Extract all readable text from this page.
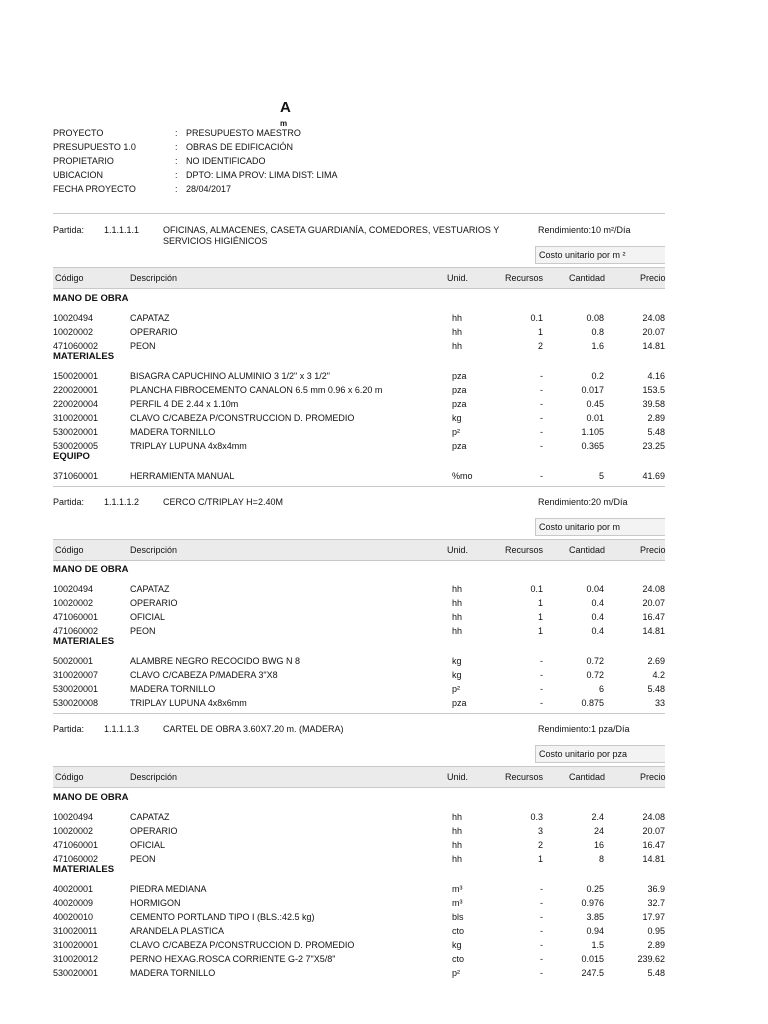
A
m
PROYECTO	: PRESUPUESTO MAESTRO
PRESUPUESTO 1.0	: OBRAS DE EDIFICACIÓN
PROPIETARIO	: NO IDENTIFICADO
UBICACION	: DPTO: LIMA PROV: LIMA DIST: LIMA
FECHA PROYECTO	: 28/04/2017
Partida: 1.1.1.1.1	OFICINAS, ALMACENES, CASETA GUARDIANÍA, COMEDORES, VESTUARIOS Y SERVICIOS HIGIÉNICOS
Rendimiento:10 m²/Día
Costo unitario por m ²
Código	Descripción	Unid.	Recursos	Cantidad	Precio
MANO DE OBRA
10020494	CAPATAZ	hh	0.1	0.08	24.08
10020002	OPERARIO	hh	1	0.8	20.07
471060002	PEON	hh	2	1.6	14.81
MATERIALES
150020001	BISAGRA CAPUCHINO ALUMINIO 3 1/2" x 3 1/2"	pza	-	0.2	4.16
220020001	PLANCHA FIBROCEMENTO CANALON 6.5 mm 0.96 x 6.20 m	pza	-	0.017	153.5
220020004	PERFIL 4 DE 2.44 x 1.10m	pza	-	0.45	39.58
310020001	CLAVO C/CABEZA P/CONSTRUCCION D. PROMEDIO	kg	-	0.01	2.89
530020001	MADERA TORNILLO	p²	-	1.105	5.48
530020005	TRIPLAY LUPUNA 4x8x4mm	pza	-	0.365	23.25
EQUIPO
371060001	HERRAMIENTA MANUAL	%mo	-	5	41.69
Partida: 1.1.1.1.2	CERCO C/TRIPLAY H=2.40M	Rendimiento:20 m/Día
Costo unitario por m
Código	Descripción	Unid.	Recursos	Cantidad	Precio
MANO DE OBRA
10020494	CAPATAZ	hh	0.1	0.04	24.08
10020002	OPERARIO	hh	1	0.4	20.07
471060001	OFICIAL	hh	1	0.4	16.47
471060002	PEON	hh	1	0.4	14.81
MATERIALES
50020001	ALAMBRE NEGRO RECOCIDO BWG N 8	kg	-	0.72	2.69
310020007	CLAVO C/CABEZA P/MADERA 3"X8	kg	-	0.72	4.2
530020001	MADERA TORNILLO	p²	-	6	5.48
530020008	TRIPLAY LUPUNA 4x8x6mm	pza	-	0.875	33
Partida: 1.1.1.1.3	CARTEL DE OBRA 3.60X7.20 m. (MADERA)	Rendimiento:1 pza/Día
Costo unitario por pza
Código	Descripción	Unid.	Recursos	Cantidad	Precio
MANO DE OBRA
10020494	CAPATAZ	hh	0.3	2.4	24.08
10020002	OPERARIO	hh	3	24	20.07
471060001	OFICIAL	hh	2	16	16.47
471060002	PEON	hh	1	8	14.81
MATERIALES
40020001	PIEDRA MEDIANA	m³	-	0.25	36.9
40020009	HORMIGON	m³	-	0.976	32.7
40020010	CEMENTO PORTLAND TIPO I (BLS.:42.5 kg)	bls	-	3.85	17.97
310020011	ARANDELA PLASTICA	cto	-	0.94	0.95
310020001	CLAVO C/CABEZA P/CONSTRUCCION D. PROMEDIO	kg	-	1.5	2.89
310020012	PERNO HEXAG.ROSCA CORRIENTE G-2 7"X5/8"	cto	-	0.015	239.62
530020001	MADERA TORNILLO	p²	-	247.5	5.48
